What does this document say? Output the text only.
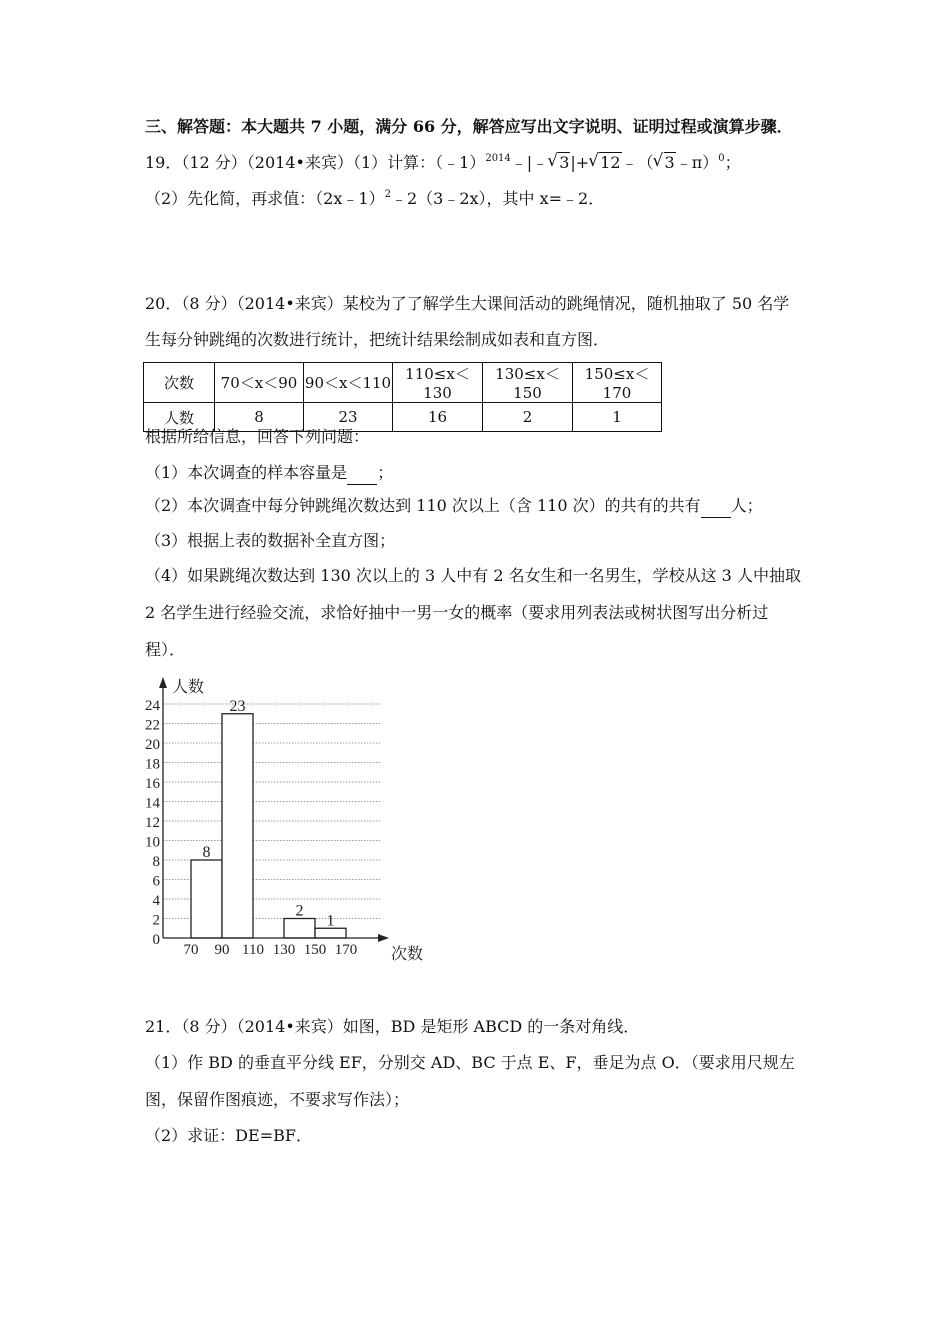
三、解答题：本大题共 7 小题，满分 66 分，解答应写出文字说明、证明过程或演算步骤．
19．（12 分）（2014•来宾）（1）计算：（﹣1）$^{2014}$﹣|﹣ √ 3|+ √ 12﹣（ √ 3﹣π）$^0$；
（2）先化简，再求值：（2x﹣1）$^2$﹣2（3﹣2x），其中 x=﹣2．
20．（8 分）（2014•来宾）某校为了了解学生大课间活动的跳绳情况，随机抽取了 50 名学
生每分钟跳绳的次数进行统计，把统计结果绘制成如表和直方图．
次数	70＜x＜90	90＜x＜110	110≤x＜130	130≤x＜150	150≤x＜170
人数	8	23	16	2	1
根据所给信息，回答下列问题：
（1）本次调查的样本容量是 ；
（2）本次调查中每分钟跳绳次数达到 110 次以上（含 110 次）的共有的共有 人；
（3）根据上表的数据补全直方图；
（4）如果跳绳次数达到 130 次以上的 3 人中有 2 名女生和一名男生，学校从这 3 人中抽取
2 名学生进行经验交流，求恰好抽中一男一女的概率（要求用列表法或树状图写出分析过
程）．
人数
次数
0
2
4
6
8
10
12
14
16
18
20
22
24
70 90 110 130 150 170
8
23
2
1
21．（8 分）（2014•来宾）如图，BD 是矩形 ABCD 的一条对角线．
（1）作 BD 的垂直平分线 EF，分别交 AD、BC 于点 E、F，垂足为点 O．（要求用尺规左
图，保留作图痕迹，不要求写作法）；
（2）求证：DE=BF．
